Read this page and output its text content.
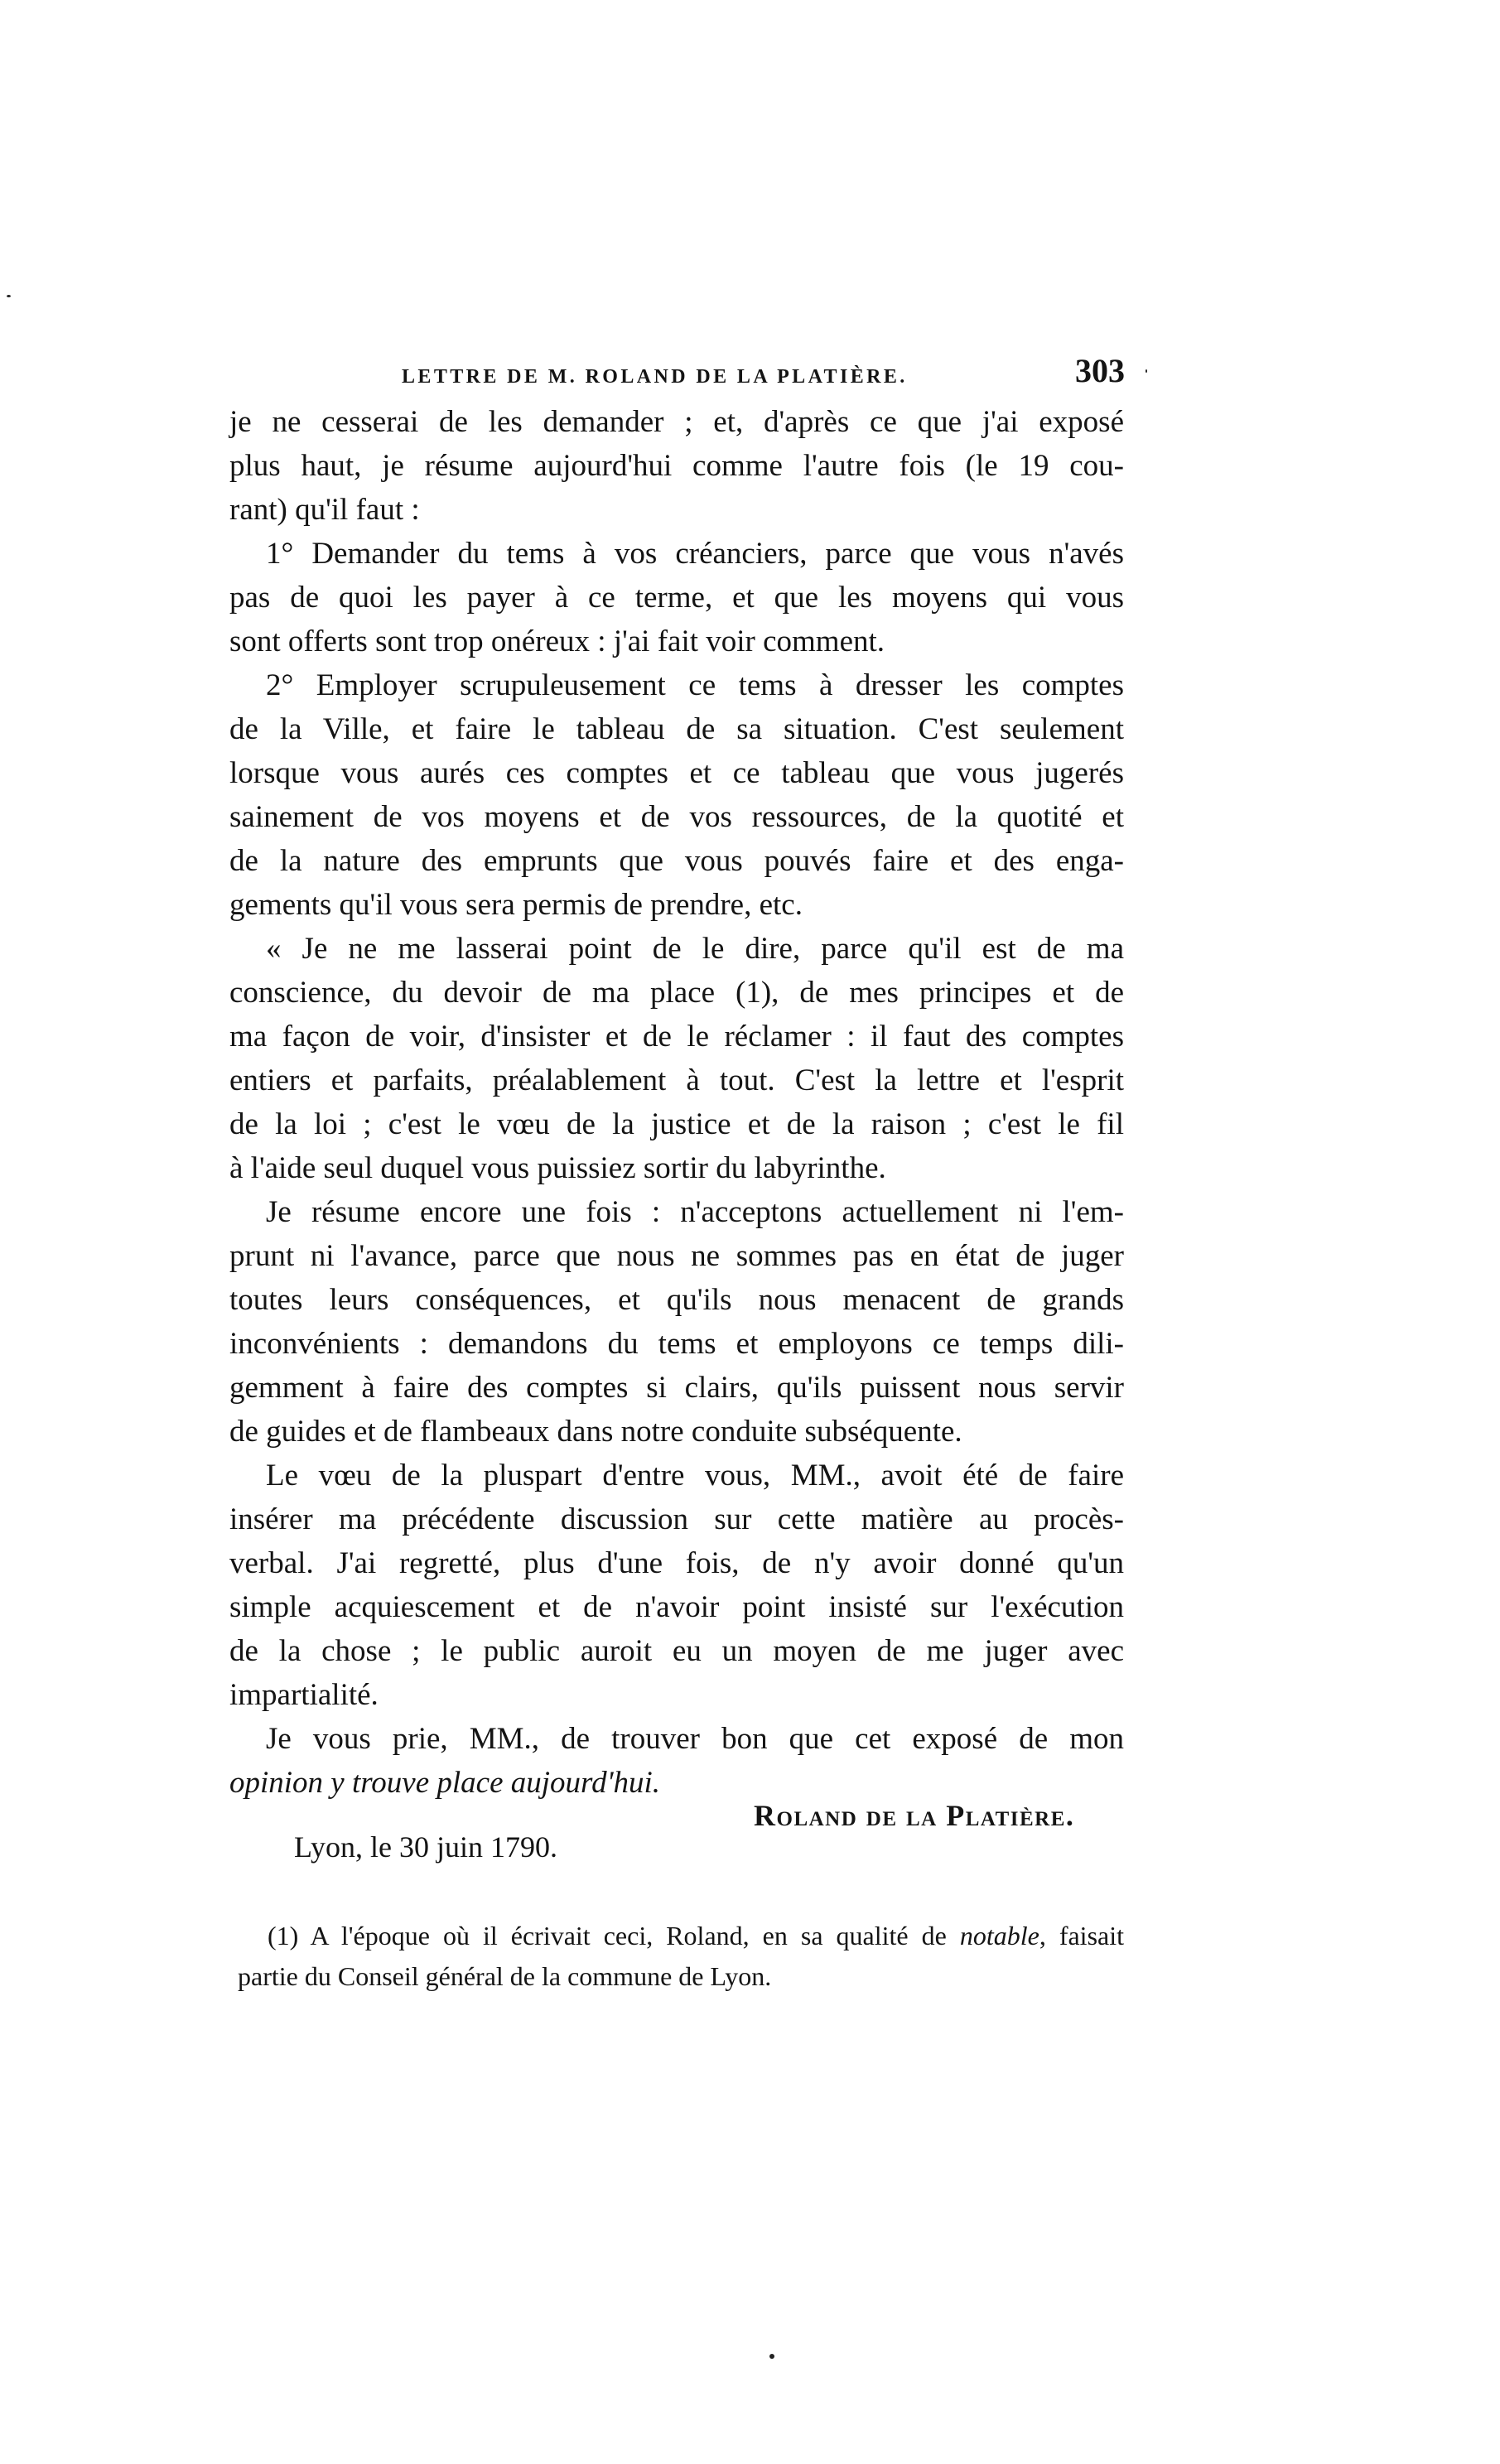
LETTRE DE M. ROLAND DE LA PLATIÈRE.	303
je ne cesserai de les demander ; et, d'après ce que j'ai exposé
plus haut, je résume aujourd'hui comme l'autre fois (le 19 cou-
rant) qu'il faut :
1° Demander du tems à vos créanciers, parce que vous n'avés
pas de quoi les payer à ce terme, et que les moyens qui vous
sont offerts sont trop onéreux : j'ai fait voir comment.
2° Employer scrupuleusement ce tems à dresser les comptes
de la Ville, et faire le tableau de sa situation. C'est seulement
lorsque vous aurés ces comptes et ce tableau que vous jugerés
sainement de vos moyens et de vos ressources, de la quotité et
de la nature des emprunts que vous pouvés faire et des enga-
gements qu'il vous sera permis de prendre, etc.
« Je ne me lasserai point de le dire, parce qu'il est de ma
conscience, du devoir de ma place (1), de mes principes et de
ma façon de voir, d'insister et de le réclamer : il faut des comptes
entiers et parfaits, préalablement à tout. C'est la lettre et l'esprit
de la loi ; c'est le vœu de la justice et de la raison ; c'est le fil
à l'aide seul duquel vous puissiez sortir du labyrinthe.
Je résume encore une fois : n'acceptons actuellement ni l'em-
prunt ni l'avance, parce que nous ne sommes pas en état de juger
toutes leurs conséquences, et qu'ils nous menacent de grands
inconvénients : demandons du tems et employons ce temps dili-
gemment à faire des comptes si clairs, qu'ils puissent nous servir
de guides et de flambeaux dans notre conduite subséquente.
Le vœu de la pluspart d'entre vous, MM., avoit été de faire
insérer ma précédente discussion sur cette matière au procès-
verbal. J'ai regretté, plus d'une fois, de n'y avoir donné qu'un
simple acquiescement et de n'avoir point insisté sur l'exécution
de la chose ; le public auroit eu un moyen de me juger avec
impartialité.
Je vous prie, MM., de trouver bon que cet exposé de mon
opinion y trouve place aujourd'hui.
Roland de la Platière.
Lyon, le 30 juin 1790.
(1) A l'époque où il écrivait ceci, Roland, en sa qualité de notable, faisait
partie du Conseil général de la commune de Lyon.
